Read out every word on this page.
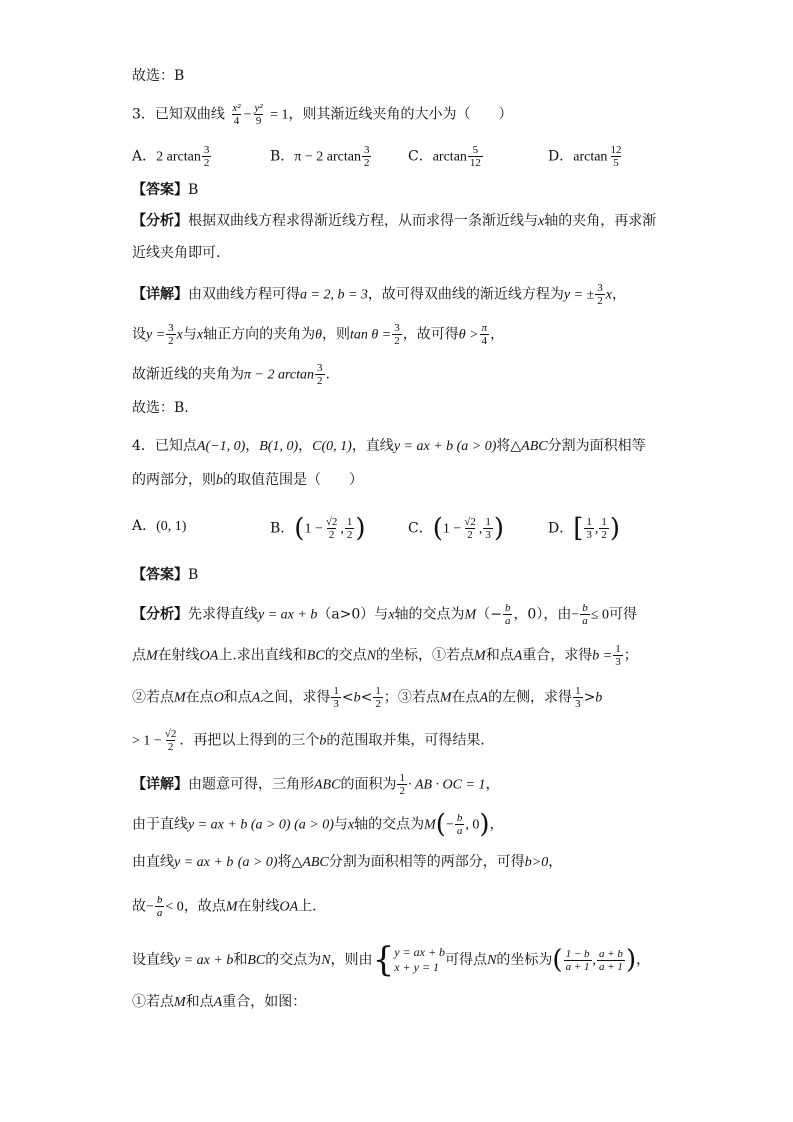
故选：B
3．已知双曲线 $\frac{\text{x²}}{4} - \frac{\text{y²}}{9} = 1$，则其渐近线夹角的大小为（　　）
A．2 $\arctan \frac{3}{2}$	B．π − 2 $\arctan \frac{3}{2}$	C．$\arctan \frac{5}{12}$	D．$\arctan \frac{12}{5}$
【答案】B
【分析】根据双曲线方程求得渐近线方程，从而求得一条渐近线与x轴的夹角，再求渐
近线夹角即可.
【详解】由双曲线方程可得a = 2, b = 3，故可得双曲线的渐近线方程为y = ± $\frac{3}{2}$ x，
设$y = \frac{3}{2}$ x与x轴正方向的夹角为θ，则$\tan \theta = \frac{3}{2}$ ，故可得$\theta > \frac{\pi}{4}$ ，
故渐近线的夹角为π − 2 $\arctan \frac{3}{2}$ .
故选：B.
4．已知点A(−1, 0)，B(1, 0)，C(0, 1)，直线y = ax + b (a > 0)将△ABC分割为面积相等
的两部分，则b的取值范围是（　　）
A．(0, 1)	B．($1 - \frac{√2}{2}$ , $\frac{1}{2}$ )	C．($1 - \frac{√2}{2}$ , $\frac{1}{3}$ )	D．[ $\frac{1}{3}$ , $\frac{1}{2}$ )
【答案】B
【分析】先求得直线y = ax + b（a>0）与x轴的交点为$M(- \frac{b}{a}$ ，0），由− $\frac{b}{a} \le 0$可得
点M在射线OA上.求出直线和BC的交点N的坐标，①若点M和点A重合，求得$b = \frac{1}{3}$ ；
②若点M在点O和点A之间，求得 $\frac{1}{3} <b< \frac{1}{2}$ ；③若点M在点A的左侧，求得 $\frac{1}{3} >b$
> $1 - \frac{√2}{2}$ ．再把以上得到的三个b的范围取并集，可得结果．
【详解】由题意可得，三角形ABC的面积为 $\frac{1}{2}$ · AB · OC = 1，
由于直线y = ax + b (a > 0) (a > 0)与x轴的交点为$M(- \frac{b}{a}$ , 0)，
由直线y = ax + b (a > 0)将△ABC分割为面积相等的两部分，可得b>0，
故− $\frac{b}{a} < 0$，故点M在射线OA上．
设直线y = ax + b和BC的交点为N，则由{ y = ax + b
x + y = 1 可得点N的坐标为( $\frac{1 - b}{a + 1}$ , $\frac{a + b}{a + 1}$ )，
①若点M和点A重合，如图：
